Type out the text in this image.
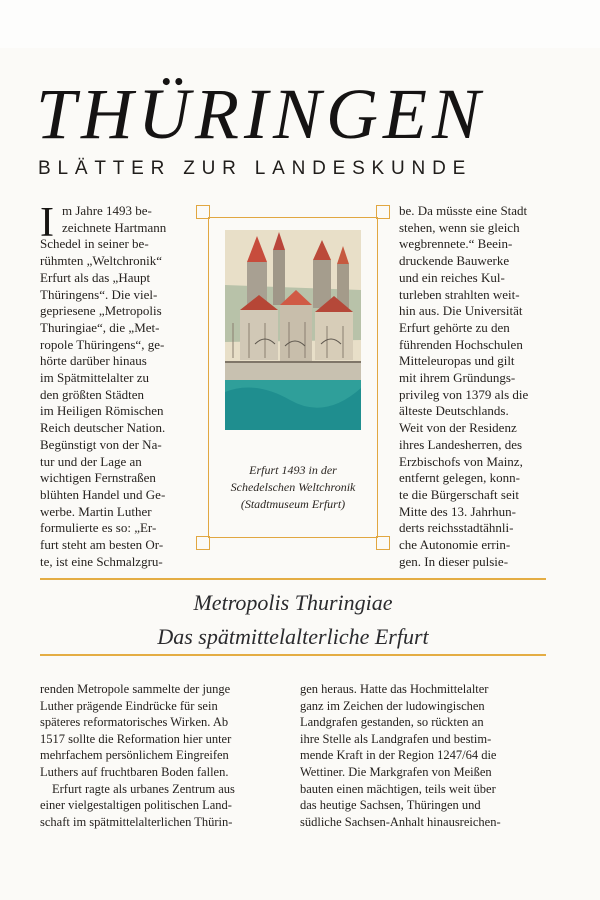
THÜRINGEN
BLÄTTER ZUR LANDESKUNDE
I m Jahre 1493 be-
zeichnete Hartmann
Schedel in seiner be-
rühmten „Weltchronik“
Erfurt als das „Haupt
Thüringens“. Die viel-
gepriesene „Metropolis
Thuringiae“, die „Met-
ropole Thüringens“, ge-
hörte darüber hinaus
im Spätmittelalter zu
den größten Städten
im Heiligen Römischen
Reich deutscher Nation.
Begünstigt von der Na-
tur und der Lage an
wichtigen Fernstraßen
blühten Handel und Ge-
werbe. Martin Luther
formulierte es so: „Er-
furt steht am besten Or-
te, ist eine Schmalzgru-
Erfurt 1493 in der
Schedelschen Weltchronik
(Stadtmuseum Erfurt)
be. Da müsste eine Stadt
stehen, wenn sie gleich
wegbrennete.“ Beein-
druckende Bauwerke
und ein reiches Kul-
turleben strahlten weit-
hin aus. Die Universität
Erfurt gehörte zu den
führenden Hochschulen
Mitteleuropas und gilt
mit ihrem Gründungs-
privileg von 1379 als die
älteste Deutschlands.
Weit von der Residenz
ihres Landesherren, des
Erzbischofs von Mainz,
entfernt gelegen, konn-
te die Bürgerschaft seit
Mitte des 13. Jahrhun-
derts reichsstadtähnli-
che Autonomie errin-
gen. In dieser pulsie-
Metropolis Thuringiae
Das spätmittelalterliche Erfurt
renden Metropole sammelte der junge
Luther prägende Eindrücke für sein
späteres reformatorisches Wirken. Ab
1517 sollte die Reformation hier unter
mehrfachem persönlichem Eingreifen
Luthers auf fruchtbaren Boden fallen.
Erfurt ragte als urbanes Zentrum aus
einer vielgestaltigen politischen Land-
schaft im spätmittelalterlichen Thürin-
gen heraus. Hatte das Hochmittelalter
ganz im Zeichen der ludowingischen
Landgrafen gestanden, so rückten an
ihre Stelle als Landgrafen und bestim-
mende Kraft in der Region 1247/64 die
Wettiner. Die Markgrafen von Meißen
bauten einen mächtigen, teils weit über
das heutige Sachsen, Thüringen und
südliche Sachsen-Anhalt hinausreichen-
